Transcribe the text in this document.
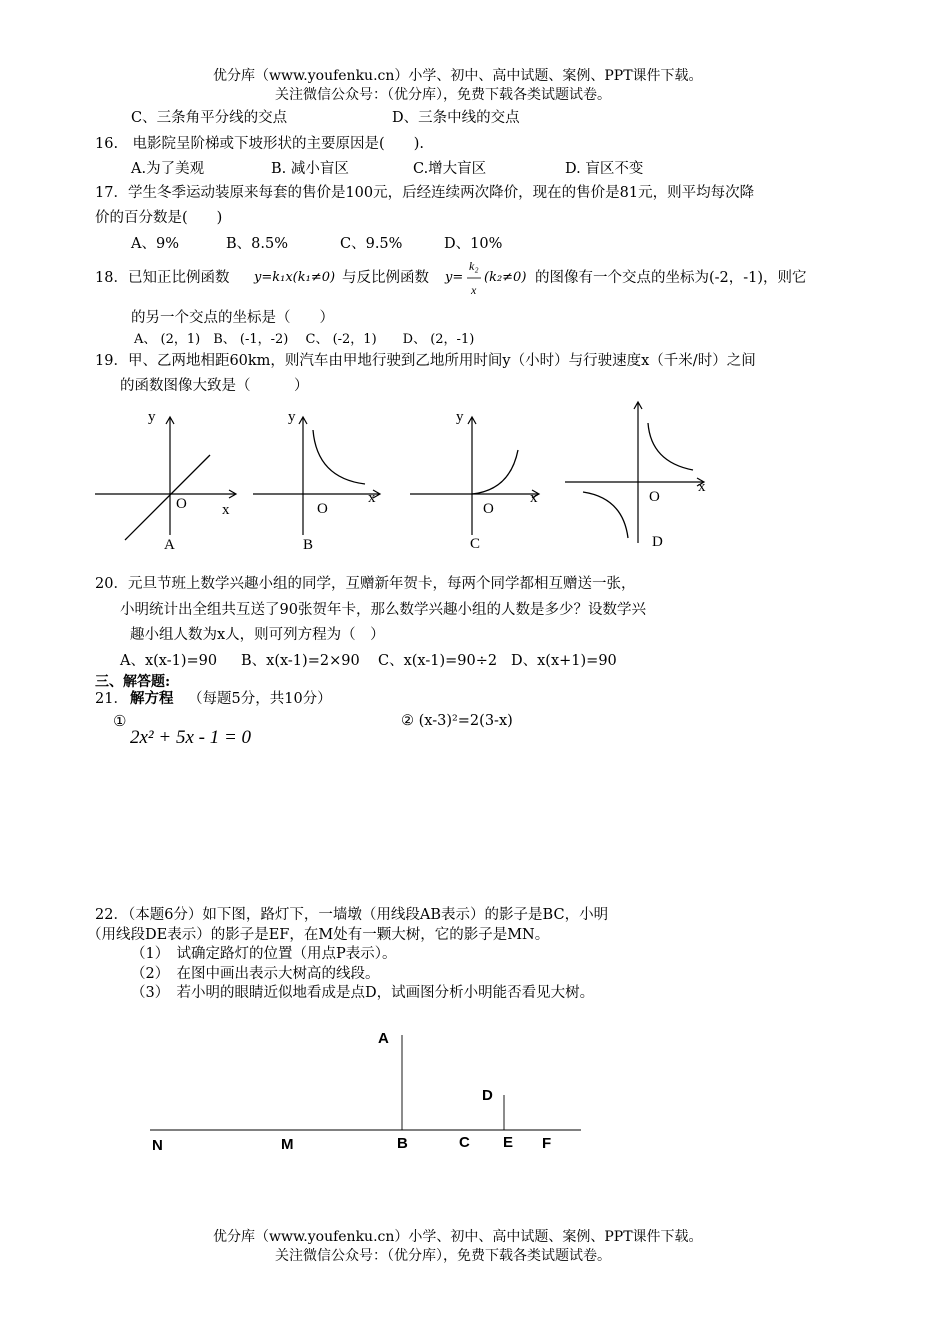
优分库（www.youfenku.cn）小学、初中、高中试题、案例、PPT课件下载。
关注微信公众号：（优分库），免费下载各类试题试卷。
C、三条角平分线的交点	D、三条中线的交点
16.　电影院呈阶梯或下坡形状的主要原因是(　　).
A.为了美观	B. 减小盲区	C.增大盲区	D. 盲区不变
17．学生冬季运动装原来每套的售价是100元，后经连续两次降价，现在的售价是81元，则平均每次降
价的百分数是(　　)
A、9%	B、8.5%	C、9.5%	D、10%
18．已知正比例函数 y=k₁x(k₁≠0) 与反比例函数 y=
k₂
x
(k₂≠0) 的图像有一个交点的坐标为(-2，-1)，则它
的另一个交点的坐标是（　　）
A、 (2，1)　B、 (-1，-2)　 C、 (-2，1)　　D、 (2，-1)
19．甲、乙两地相距60km，则汽车由甲地行驶到乙地所用时间y（小时）与行驶速度x（千米/时）之间
的函数图像大致是（　　　）
y
O x
A
y
O
x
B
y
O
x
C
O
x
D
20．元旦节班上数学兴趣小组的同学，互赠新年贺卡，每两个同学都相互赠送一张，
小明统计出全组共互送了90张贺年卡，那么数学兴趣小组的人数是多少？设数学兴
趣小组人数为x人，则可列方程为（　）
A、x(x-1)=90 B、x(x-1)=2×90 C、x(x-1)=90÷2 D、x(x+1)=90
三、解答题:
21． 解方程 （每题5分，共10分）
①
2x² + 5x - 1 = 0
② (x-3)²=2(3-x)
22．（本题6分）如下图，路灯下，一墙墩（用线段AB表示）的影子是BC，小明
（用线段DE表示）的影子是EF，在M处有一颗大树，它的影子是MN。
（1）　试确定路灯的位置（用点P表示）。
（2）　在图中画出表示大树高的线段。
（3）　若小明的眼睛近似地看成是点D，试画图分析小明能否看见大树。
A
D
N	M	B	C E F
优分库（www.youfenku.cn）小学、初中、高中试题、案例、PPT课件下载。
关注微信公众号：（优分库），免费下载各类试题试卷。
